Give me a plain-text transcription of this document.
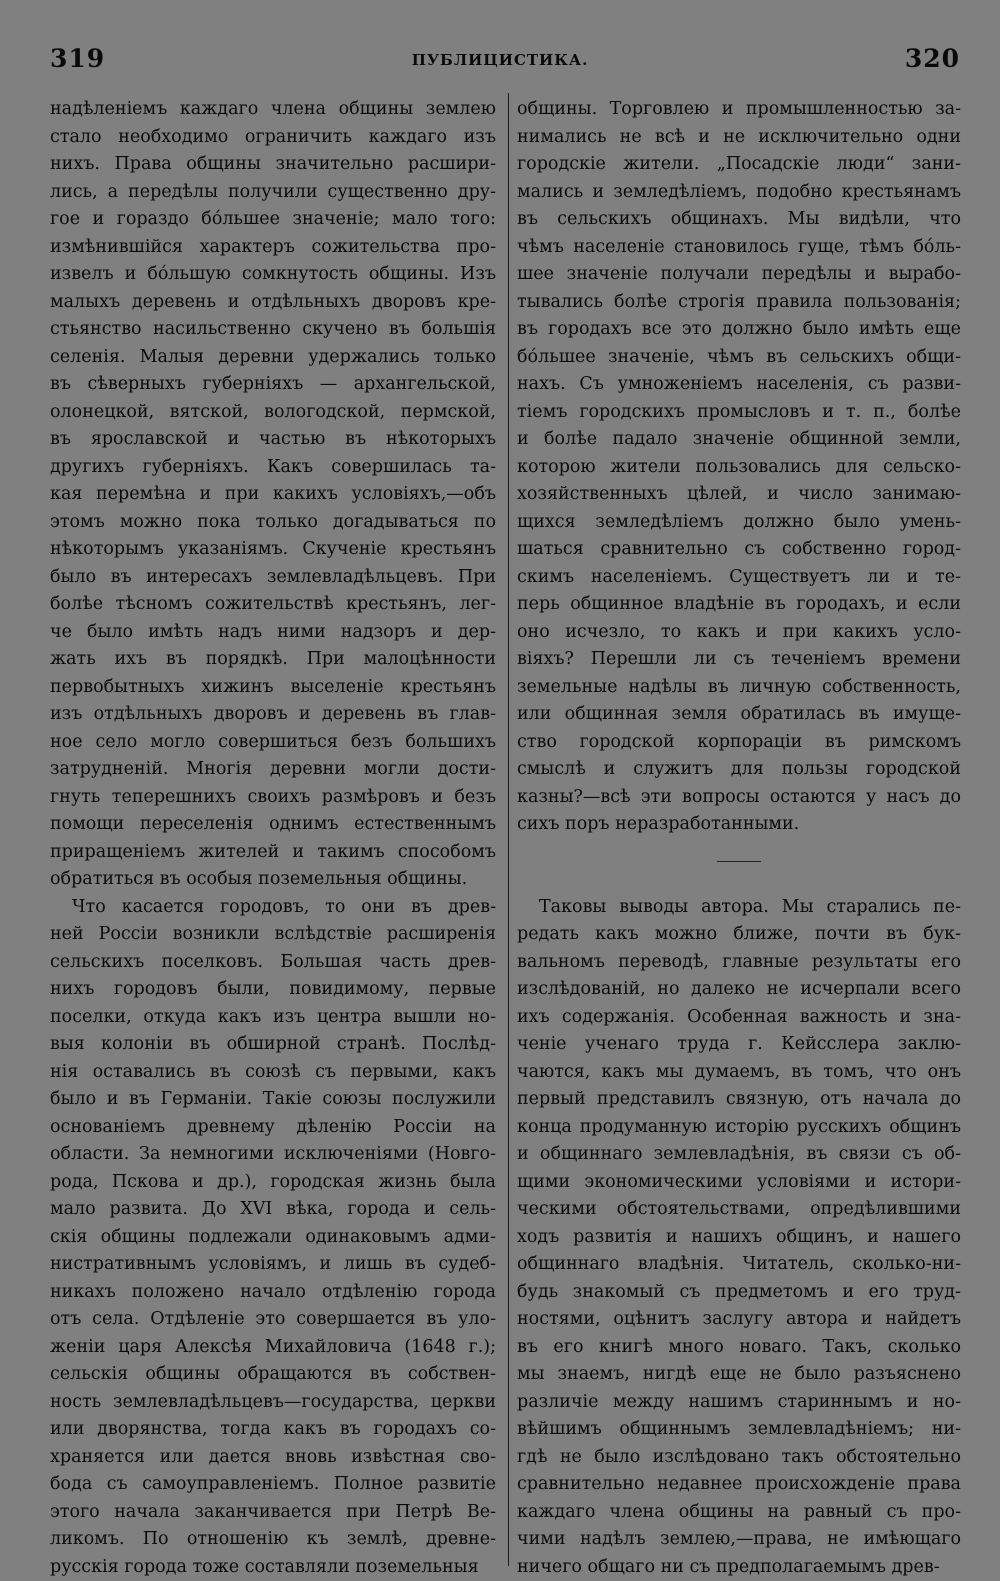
319	ПУБЛИЦИСТИКА.	320
надѣленіемъ каждаго члена общины землею
стало необходимо ограничить каждаго изъ
нихъ. Права общины значительно расшири-
лись, а передѣлы получили существенно дру-
гое и гораздо бо́льшее значеніе; мало того:
измѣнившійся характеръ сожительства про-
извелъ и бо́льшую сомкнутость общины. Изъ
малыхъ деревень и отдѣльныхъ дворовъ кре-
стьянство насильственно скучено въ большія
селенія. Малыя деревни удержались только
въ сѣверныхъ губерніяхъ — архангельской,
олонецкой, вятской, вологодской, пермской,
въ ярославской и частью въ нѣкоторыхъ
другихъ губерніяхъ. Какъ совершилась та-
кая перемѣна и при какихъ условіяхъ,—объ
этомъ можно пока только догадываться по
нѣкоторымъ указаніямъ. Скученіе крестьянъ
было въ интересахъ землевладѣльцевъ. При
болѣе тѣсномъ сожительствѣ крестьянъ, лег-
че было имѣть надъ ними надзоръ и дер-
жать ихъ въ порядкѣ. При малоцѣнности
первобытныхъ хижинъ выселеніе крестьянъ
изъ отдѣльныхъ дворовъ и деревень въ глав-
ное село могло совершиться безъ большихъ
затрудненій. Многія деревни могли дости-
гнуть теперешнихъ своихъ размѣровъ и безъ
помощи переселенія однимъ естественнымъ
приращеніемъ жителей и такимъ способомъ
обратиться въ особыя поземельныя общины.
Что касается городовъ, то они въ древ-
ней Россіи возникли вслѣдствіе расширенія
сельскихъ поселковъ. Большая часть древ-
нихъ городовъ были, повидимому, первые
поселки, откуда какъ изъ центра вышли но-
выя колоніи въ обширной странѣ. Послѣд-
нія оставались въ союзѣ съ первыми, какъ
было и въ Германіи. Такіе союзы послужили
основаніемъ древнему дѣленію Россіи на
области. За немногими исключеніями (Новго-
рода, Пскова и др.), городская жизнь была
мало развита. До XVI вѣка, города и сель-
скія общины подлежали одинаковымъ адми-
нистративнымъ условіямъ, и лишь въ судеб-
никахъ положено начало отдѣленію города
отъ села. Отдѣленіе это совершается въ уло-
женіи царя Алексѣя Михайловича (1648 г.);
сельскія общины обращаются въ собствен-
ность землевладѣльцевъ—государства, церкви
или дворянства, тогда какъ въ городахъ со-
храняется или дается вновь извѣстная сво-
бода съ самоуправленіемъ. Полное развитіе
этого начала заканчивается при Петрѣ Ве-
ликомъ. По отношенію къ землѣ, древне-
русскія города тоже составляли поземельныя
общины. Торговлею и промышленностью за-
нимались не всѣ и не исключительно одни
городскіе жители. „Посадскіе люди“ зани-
мались и земледѣліемъ, подобно крестьянамъ
въ сельскихъ общинахъ. Мы видѣли, что
чѣмъ населеніе становилось гуще, тѣмъ бо́ль-
шее значеніе получали передѣлы и вырабо-
тывались болѣе строгія правила пользованія;
въ городахъ все это должно было имѣть еще
бо́льшее значеніе, чѣмъ въ сельскихъ общи-
нахъ. Съ умноженіемъ населенія, съ разви-
тіемъ городскихъ промысловъ и т. п., болѣе
и болѣе падало значеніе общинной земли,
которою жители пользовались для сельско-
хозяйственныхъ цѣлей, и число занимаю-
щихся земледѣліемъ должно было умень-
шаться сравнительно съ собственно город-
скимъ населеніемъ. Существуетъ ли и те-
перь общинное владѣніе въ городахъ, и если
оно исчезло, то какъ и при какихъ усло-
віяхъ? Перешли ли съ теченіемъ времени
земельные надѣлы въ личную собственность,
или общинная земля обратилась въ имуще-
ство городской корпораціи въ римскомъ
смыслѣ и служитъ для пользы городской
казны?—всѣ эти вопросы остаются у насъ до
сихъ поръ неразработанными.
Таковы выводы автора. Мы старались пе-
редать какъ можно ближе, почти въ бук-
вальномъ переводѣ, главные результаты его
изслѣдованій, но далеко не исчерпали всего
ихъ содержанія. Особенная важность и зна-
ченіе ученаго труда г. Кейсслера заклю-
чаются, какъ мы думаемъ, въ томъ, что онъ
первый представилъ связную, отъ начала до
конца продуманную исторію русскихъ общинъ
и общиннаго землевладѣнія, въ связи съ об-
щими экономическими условіями и истори-
ческими обстоятельствами, опредѣлившими
ходъ развитія и нашихъ общинъ, и нашего
общиннаго владѣнія. Читатель, сколько-ни-
будь знакомый съ предметомъ и его труд-
ностями, оцѣнитъ заслугу автора и найдетъ
въ его книгѣ много новаго. Такъ, сколько
мы знаемъ, нигдѣ еще не было разъяснено
различіе между нашимъ стариннымъ и но-
вѣйшимъ общиннымъ землевладѣніемъ; ни-
гдѣ не было изслѣдовано такъ обстоятельно
сравнительно недавнее происхожденіе права
каждаго члена общины на равный съ про-
чими надѣлъ землею,—права, не имѣющаго
ничего общаго ни съ предполагаемымъ древ-
